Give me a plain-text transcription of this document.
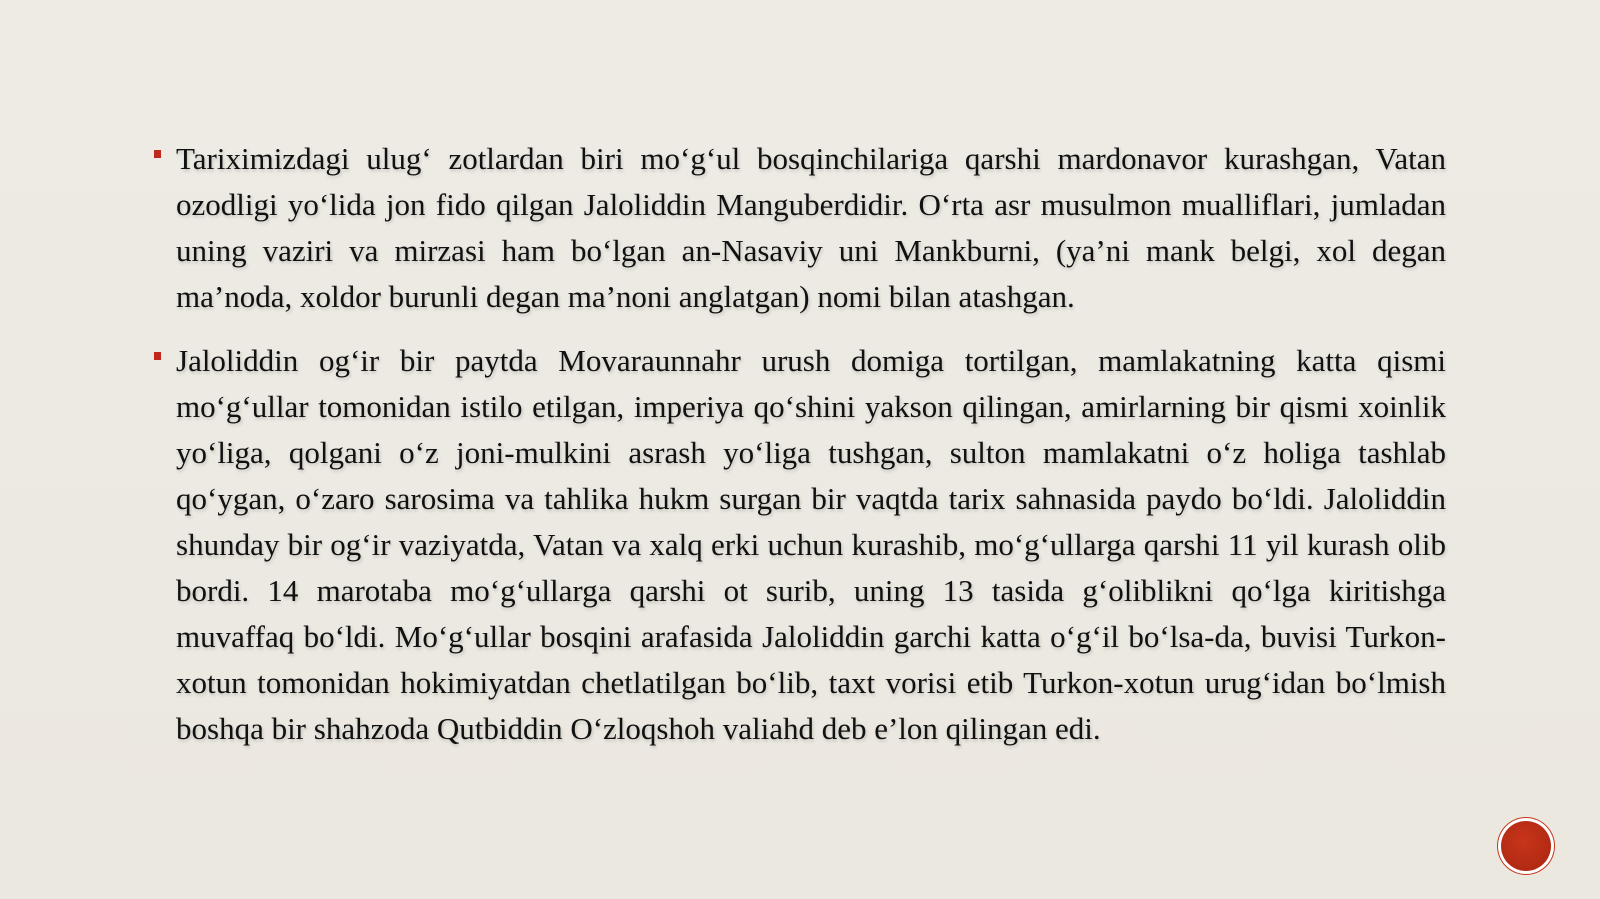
Tariximizdagi ulug‘ zotlardan biri mo‘g‘ul bosqinchilariga qarshi mardonavor kurashgan, Vatan ozodligi yo‘lida jon fido qilgan Jaloliddin Manguberdidir. O‘rta asr musulmon mualliflari, jumladan uning vaziri va mirzasi ham bo‘lgan an-Nasaviy uni Mankburni, (ya’ni mank belgi, xol degan ma’noda, xoldor burunli degan ma’noni anglatgan) nomi bilan atashgan.

Jaloliddin og‘ir bir paytda Movaraunnahr urush domiga tortilgan, mamlakatning katta qismi mo‘g‘ullar tomonidan istilo etilgan, imperiya qo‘shini yakson qilingan, amirlarning bir qismi xoinlik yo‘liga, qolgani o‘z joni-mulkini asrash yo‘liga tushgan, sulton mamlakatni o‘z holiga tashlab qo‘ygan, o‘zaro sarosima va tahlika hukm surgan bir vaqtda tarix sahnasida paydo bo‘ldi. Jaloliddin shunday bir og‘ir vaziyatda, Vatan va xalq erki uchun kurashib, mo‘g‘ullarga qarshi 11 yil kurash olib bordi. 14 marotaba mo‘g‘ullarga qarshi ot surib, uning 13 tasida g‘oliblikni qo‘lga kiritishga muvaffaq bo‘ldi. Mo‘g‘ullar bosqini arafasida Jaloliddin garchi katta o‘g‘il bo‘lsa-da, buvisi Turkon-xotun tomonidan hokimiyatdan chetlatilgan bo‘lib, taxt vorisi etib Turkon-xotun urug‘idan bo‘lmish boshqa bir shahzoda Qutbiddin O‘zloqshoh valiahd deb e’lon qilingan edi.
